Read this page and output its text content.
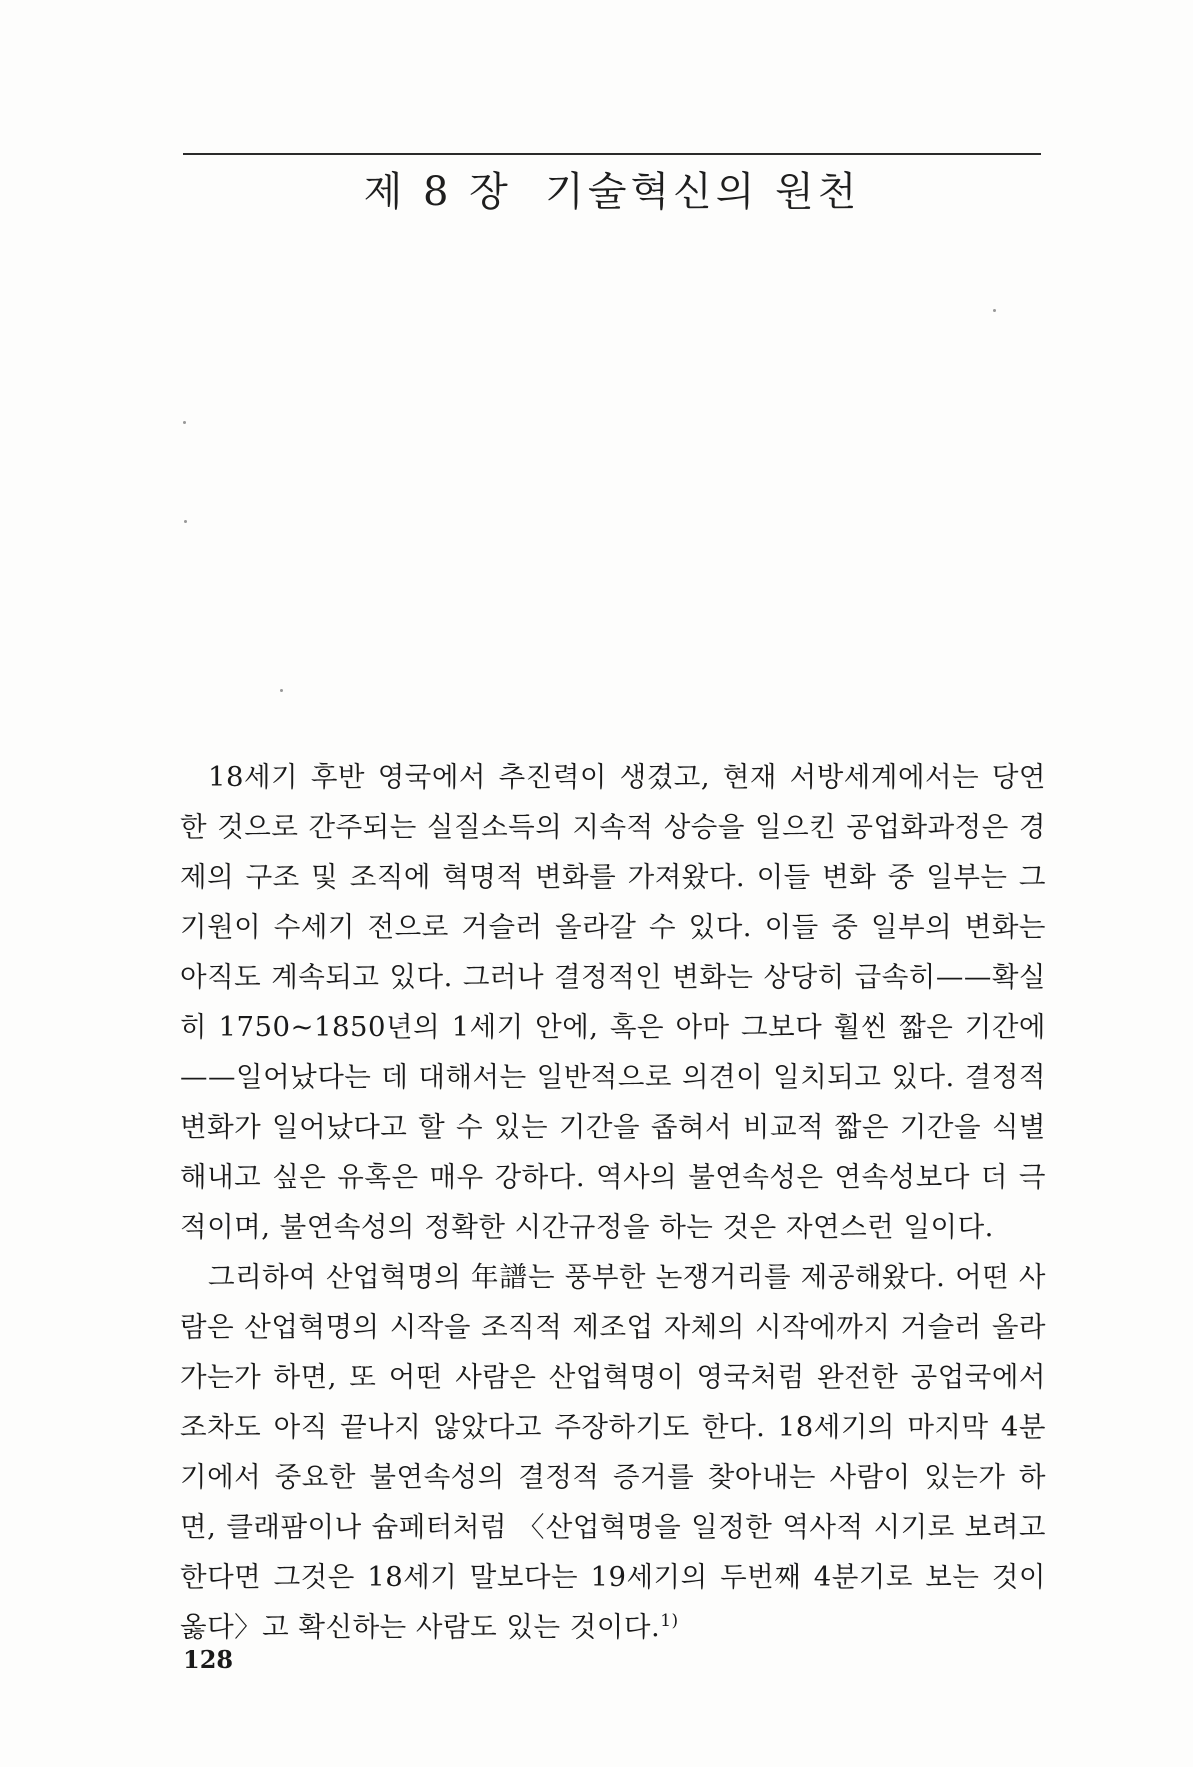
제 8 장  기술혁신의 원천

18세기 후반 영국에서 추진력이 생겼고, 현재 서방세계에서는 당연한 것으로 간주되는 실질소득의 지속적 상승을 일으킨 공업화과정은 경제의 구조 및 조직에 혁명적 변화를 가져왔다. 이들 변화 중 일부는 그 기원이 수세기 전으로 거슬러 올라갈 수 있다. 이들 중 일부의 변화는 아직도 계속되고 있다. 그러나 결정적인 변화는 상당히 급속히——확실히 1750~1850년의 1세기 안에, 혹은 아마 그보다 훨씬 짧은 기간에——일어났다는 데 대해서는 일반적으로 의견이 일치되고 있다. 결정적 변화가 일어났다고 할 수 있는 기간을 좁혀서 비교적 짧은 기간을 식별해내고 싶은 유혹은 매우 강하다. 역사의 불연속성은 연속성보다 더 극적이며, 불연속성의 정확한 시간규정을 하는 것은 자연스런 일이다.

그리하여 산업혁명의 年譜는 풍부한 논쟁거리를 제공해왔다. 어떤 사람은 산업혁명의 시작을 조직적 제조업 자체의 시작에까지 거슬러 올라가는가 하면, 또 어떤 사람은 산업혁명이 영국처럼 완전한 공업국에서조차도 아직 끝나지 않았다고 주장하기도 한다. 18세기의 마지막 4분기에서 중요한 불연속성의 결정적 증거를 찾아내는 사람이 있는가 하면, 클래팜이나 슘페터처럼 〈산업혁명을 일정한 역사적 시기로 보려고 한다면 그것은 18세기 말보다는 19세기의 두번째 4분기로 보는 것이 옳다〉고 확신하는 사람도 있는 것이다.$^{1)}$

128
